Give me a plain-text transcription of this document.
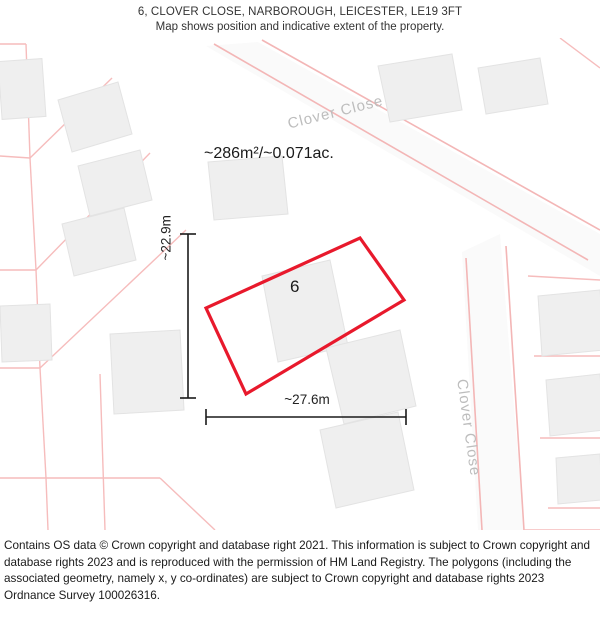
6, CLOVER CLOSE, NARBOROUGH, LEICESTER, LE19 3FT
Map shows position and indicative extent of the property.
Clover Close
Clover Close
~286m²/~0.071ac.
6
~27.6m

Contains OS data © Crown copyright and database right 2021. This information is subject to Crown copyright and database rights 2023 and is reproduced with the permission of HM Land Registry. The polygons (including the associated geometry, namely x, y co-ordinates) are subject to Crown copyright and database rights 2023 Ordnance Survey 100026316.
